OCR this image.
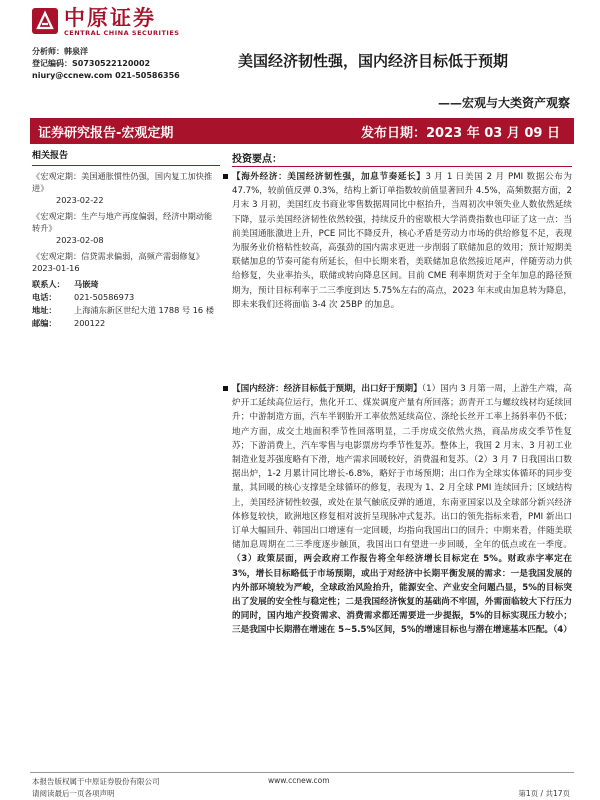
中原证券
CENTRAL CHINA SECURITIES
分析师：韩泉洋
登记编码：S0730522120002
niury@ccnew.com 021-50586356
美国经济韧性强，国内经济目标低于预期
——宏观与大类资产观察
证券研究报告-宏观定期	发布日期：2023 年 03 月 09 日
相关报告
《宏观定期：美国通胀惯性仍强，国内复工加快推进》
2023-02-22
《宏观定期：生产与地产再度偏弱，经济中期动能转升》
2023-02-08
《宏观定期：信贷需求偏弱，高频产需弱修复》
2023-01-16
联系人：	马嵌琦
电话：	021-50586973
地址：	上海浦东新区世纪大道 1788 号 16 楼
邮编：	200122
投资要点：

【海外经济：美国经济韧性强，加息节奏延长】3 月 1 日美国 2 月 PMI 数据公布为 47.7%，较前值反弹 0.3%，结构上新订单指数较前值显著回升 4.5%，高频数据方面，2 月末 3 月初，美国红皮书商业零售数据周同比中枢抬升，当周初次申领失业人数依然延续下降，显示美国经济韧性依然较强，持续反升的密歇根大学消费指数也印证了这一点：当前美国通胀激进上升，PCE 同比不降反升，核心矛盾是劳动力市场的供给修复不足，表现为服务业价格粘性较高，高强劲的国内需求更进一步削弱了联储加息的效用；预计短期美联储加息的节奏可能有所延长，但中长期来看，美联储加息依然接近尾声，伴随劳动力供给修复，失业率抬头，联储或转向降息区间。目前 CME 利率期货对于全年加息的路径预期为，预计目标利率于二三季度到达 5.75%左右的高点，2023 年末或由加息转为降息，即未来我们还将面临 3-4 次 25BP 的加息。

【国内经济：经济目标低于预期，出口好于预期】（1）国内 3 月第一周，上游生产端，高炉开工延续高位运行，焦化开工、煤炭调度产量有所回落；沥青开工与螺纹线材均延续回升；中游制造方面，汽车半钢胎开工率依然延续高位、涤纶长丝开工率上扬斜率仍不低；地产方面，成交土地面积季节性回落明显，二手房成交依然火热，商品房成交季节性复苏；下游消费上，汽车零售与电影票房均季节性复苏。整体上，我国 2 月末、3 月初工业制造业复苏强度略有下滑，地产需求回暖较好，消费温和复苏。（2）3 月 7 日我国出口数据出炉，1-2 月累计同比增长-6.8%，略好于市场预期；出口作为全球实体循环的同步变量，其回暖的核心支撑是全球循环的修复，表现为 1、2 月全球 PMI 连续回升；区域结构上，美国经济韧性较强，或处在景气触底反弹的通道，东南亚国家以及全球部分新兴经济体修复较快，欧洲地区修复相对波折呈现脉冲式复苏。出口的领先指标来看，PMI 新出口订单大幅回升、韩国出口增速有一定回暖，均指向我国出口的回升；中期来看，伴随美联储加息周期在二三季度逐步触顶，我国出口有望进一步回暖，全年的低点或在一季度。（3）政策层面，两会政府工作报告将全年经济增长目标定在 5%。财政赤字率定在 3%，增长目标略低于市场预期，或出于对经济中长期平衡发展的需求：一是我国发展的内外部环境较为严峻，全球政治风险抬升，能源安全、产业安全问题凸显，5%的目标突出了发展的安全性与稳定性；二是我国经济恢复的基础尚不牢固，外需面临较大下行压力的同时，国内地产投资需求、消费需求都还需要进一步提振，5%的目标实现压力较小；三是我国中长期潜在增速在 5~5.5%区间，5%的增速目标也与潜在增速基本匹配。（4）

本报告版权属于中原证券股份有限公司
请阅读最后一页各项声明
www.ccnew.com
第1页 / 共17页
